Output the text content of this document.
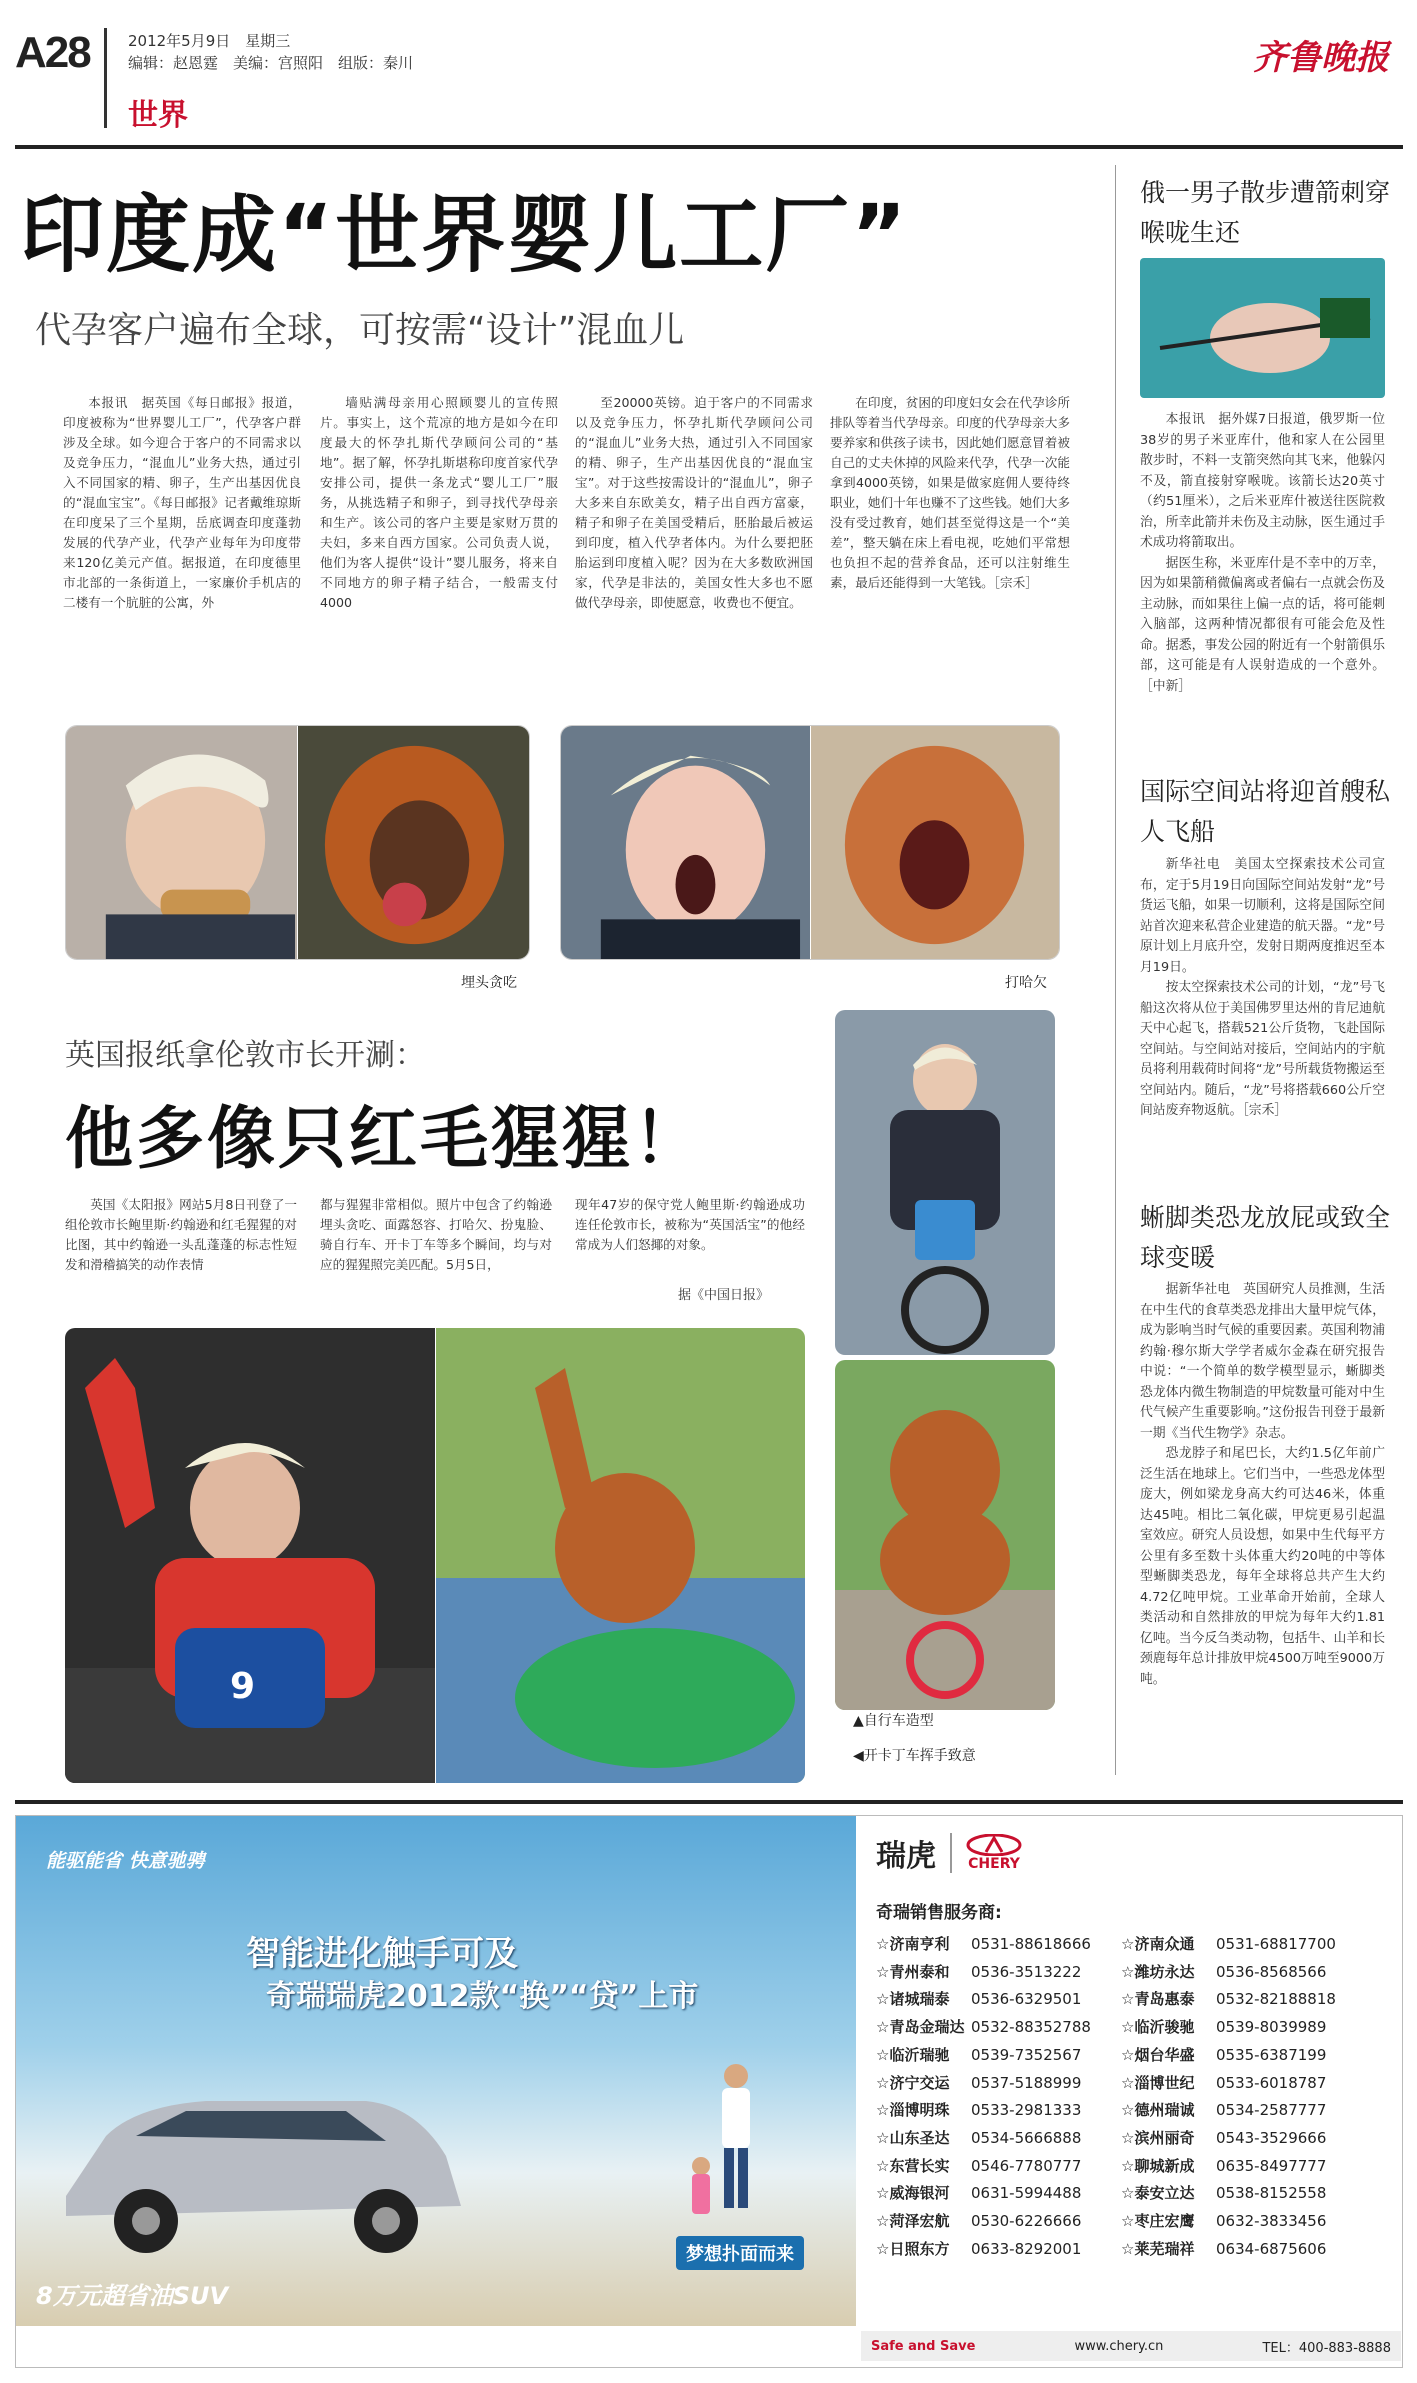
A28	2012年5月9日　星期三
编辑：赵恩霆　美编：宫照阳　组版：秦川
世界
齐鲁晚报
印度成“世界婴儿工厂”
代孕客户遍布全球，可按需“设计”混血儿
本报讯　据英国《每日邮报》报道，印度被称为“世界婴儿工厂”，代孕客户群涉及全球。如今迎合于客户的不同需求以及竞争压力，“混血儿”业务大热，通过引入不同国家的精、卵子，生产出基因优良的“混血宝宝”。《每日邮报》记者戴维琼斯在印度呆了三个星期，岳底调查印度蓬勃发展的代孕产业，代孕产业每年为印度带来120亿美元产值。据报道，在印度德里市北部的一条街道上，一家廉价手机店的二楼有一个肮脏的公寓，外
墙贴满母亲用心照顾婴儿的宣传照片。事实上，这个荒凉的地方是如今在印度最大的怀孕扎斯代孕顾问公司的“基地”。据了解，怀孕扎斯堪称印度首家代孕安排公司，提供一条龙式“婴儿工厂”服务，从挑选精子和卵子，到寻找代孕母亲和生产。该公司的客户主要是家财万贯的夫妇，多来自西方国家。公司负责人说，他们为客人提供“设计”婴儿服务，将来自不同地方的卵子精子结合，一般需支付4000
至20000英镑。迫于客户的不同需求以及竞争压力，怀孕扎斯代孕顾问公司的“混血儿”业务大热，通过引入不同国家的精、卵子，生产出基因优良的“混血宝宝”。对于这些按需设计的“混血儿”，卵子大多来自东欧美女，精子出自西方富豪，精子和卵子在美国受精后，胚胎最后被运到印度，植入代孕者体内。为什么要把胚胎运到印度植入呢？因为在大多数欧洲国家，代孕是非法的，美国女性大多也不愿做代孕母亲，即使愿意，收费也不便宜。
在印度，贫困的印度妇女会在代孕诊所排队等着当代孕母亲。印度的代孕母亲大多要养家和供孩子读书，因此她们愿意冒着被自己的丈夫休掉的风险来代孕，代孕一次能拿到4000英镑，如果是做家庭佣人要待终职业，她们十年也赚不了这些钱。她们大多没有受过教育，她们甚至觉得这是一个“美差”，整天躺在床上看电视，吃她们平常想也负担不起的营养食品，还可以注射维生素，最后还能得到一大笔钱。［宗禾］
埋头贪吃	打哈欠
英国报纸拿伦敦市长开涮：
他多像只红毛猩猩！
英国《太阳报》网站5月8日刊登了一组伦敦市长鲍里斯·约翰逊和红毛猩猩的对比图，其中约翰逊一头乱蓬蓬的标志性短发和滑稽搞笑的动作表情
都与猩猩非常相似。照片中包含了约翰逊埋头贪吃、面露怒容、打哈欠、扮鬼脸、骑自行车、开卡丁车等多个瞬间，均与对应的猩猩照完美匹配。5月5日，
现年47岁的保守党人鲍里斯·约翰逊成功连任伦敦市长，被称为“英国活宝”的他经常成为人们怒揶的对象。
据《中国日报》
9
▲自行车造型
◀开卡丁车挥手致意
俄一男子散步遭箭刺穿喉咙生还

本报讯　据外媒7日报道，俄罗斯一位38岁的男子米亚库什，他和家人在公园里散步时，不料一支箭突然向其飞来，他躲闪不及，箭直接射穿喉咙。该箭长达20英寸（约51厘米），之后米亚库什被送往医院救治，所幸此箭并未伤及主动脉，医生通过手术成功将箭取出。

据医生称，米亚库什是不幸中的万幸，因为如果箭稍微偏离或者偏右一点就会伤及主动脉，而如果往上偏一点的话，将可能刺入脑部，这两种情况都很有可能会危及性命。据悉，事发公园的附近有一个射箭俱乐部，这可能是有人误射造成的一个意外。［中新］

国际空间站将迎首艘私人飞船

新华社电　美国太空探索技术公司宣布，定于5月19日向国际空间站发射“龙”号货运飞船，如果一切顺利，这将是国际空间站首次迎来私营企业建造的航天器。“龙”号原计划上月底升空，发射日期两度推迟至本月19日。

按太空探索技术公司的计划，“龙”号飞船这次将从位于美国佛罗里达州的肯尼迪航天中心起飞，搭载521公斤货物，飞赴国际空间站。与空间站对接后，空间站内的宇航员将利用载荷时间将“龙”号所载货物搬运至空间站内。随后，“龙”号将搭载660公斤空间站废弃物返航。［宗禾］

蜥脚类恐龙放屁或致全球变暖

据新华社电　英国研究人员推测，生活在中生代的食草类恐龙排出大量甲烷气体，成为影响当时气候的重要因素。英国利物浦约翰·穆尔斯大学学者威尔金森在研究报告中说：“一个简单的数学模型显示，蜥脚类恐龙体内微生物制造的甲烷数量可能对中生代气候产生重要影响。”这份报告刊登于最新一期《当代生物学》杂志。

恐龙脖子和尾巴长，大约1.5亿年前广泛生活在地球上。它们当中，一些恐龙体型庞大，例如梁龙身高大约可达46米，体重达45吨。相比二氧化碳，甲烷更易引起温室效应。研究人员设想，如果中生代每平方公里有多至数十头体重大约20吨的中等体型蜥脚类恐龙，每年全球将总共产生大约4.72亿吨甲烷。工业革命开始前，全球人类活动和自然排放的甲烷为每年大约1.81亿吨。当今反刍类动物，包括牛、山羊和长颈鹿每年总计排放甲烷4500万吨至9000万吨。

能驱能省 快意驰骋
智能进化触手可及
奇瑞瑞虎2012款“换”“贷”上市
梦想扑面而来
8万元超省油SUV
瑞虎 CHERY
奇瑞销售服务商:
☆济南亨利	0531-88618666	☆济南众通	0531-68817700
☆青州泰和	0536-3513222	☆潍坊永达	0536-8568566
☆诸城瑞泰	0536-6329501	☆青岛惠泰	0532-82188818
☆青岛金瑞达 0532-88352788	☆临沂骏驰	0539-8039989
☆临沂瑞驰	0539-7352567	☆烟台华盛	0535-6387199
☆济宁交运	0537-5188999	☆淄博世纪	0533-6018787
☆淄博明珠	0533-2981333	☆德州瑞诚	0534-2587777
☆山东圣达	0534-5666888	☆滨州丽奇	0543-3529666
☆东营长实	0546-7780777	☆聊城新成	0635-8497777
☆威海银河	0631-5994488	☆泰安立达	0538-8152558
☆菏泽宏航	0530-6226666	☆枣庄宏鹰	0632-3833456
☆日照东方	0633-8292001	☆莱芜瑞祥	0634-6875606
Safe and Save	www.chery.cn	TEL：400-883-8888
